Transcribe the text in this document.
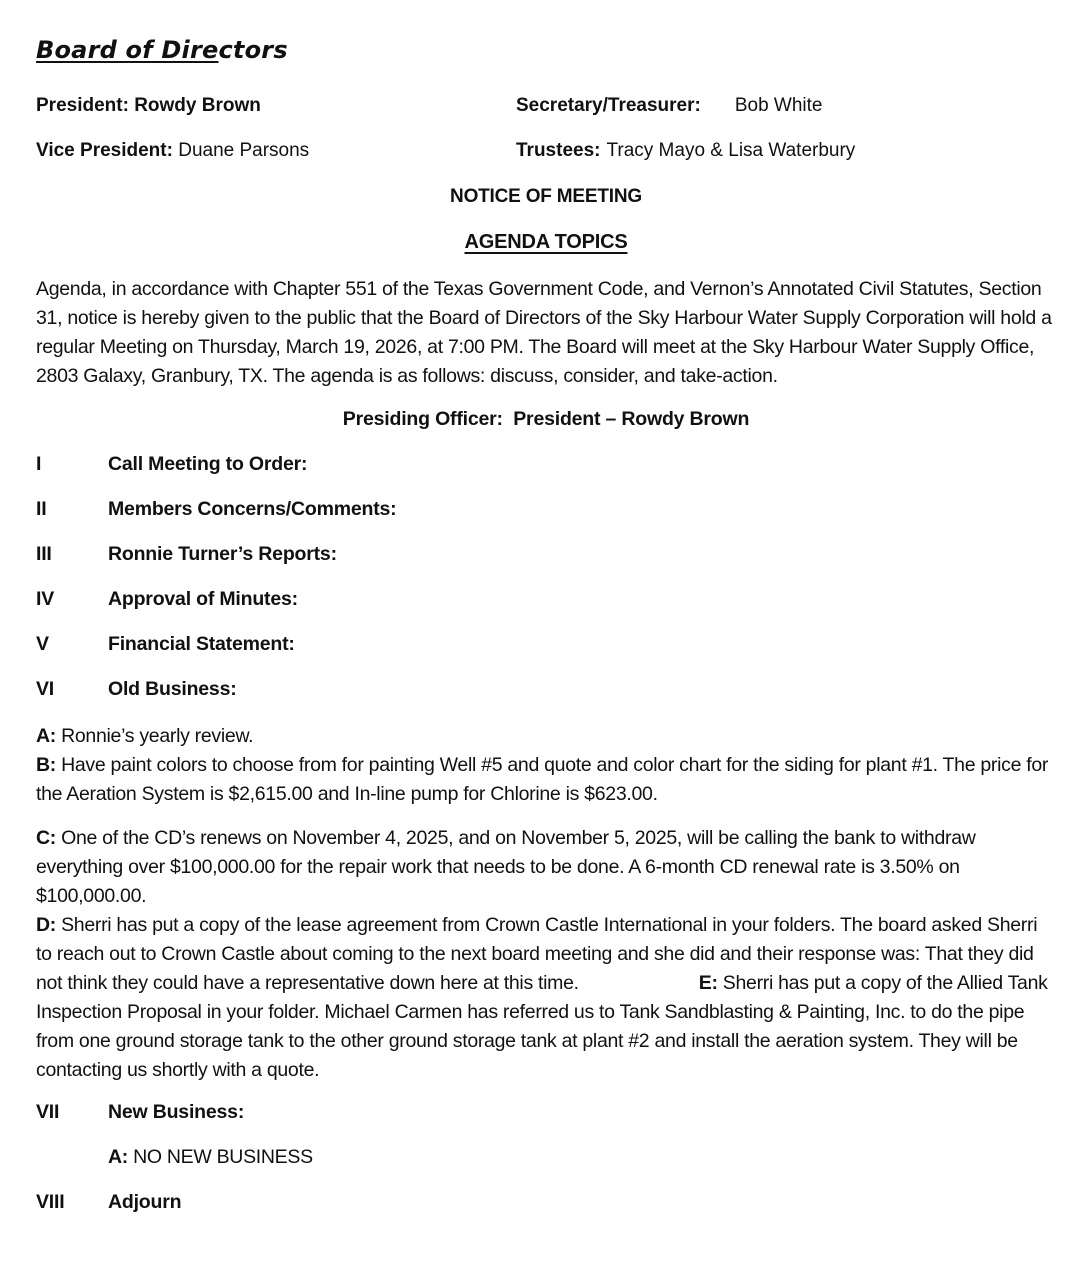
Board of Directors
President: Rowdy Brown	Secretary/Treasurer: Bob White
Vice President: Duane Parsons	Trustees: Tracy Mayo & Lisa Waterbury
NOTICE OF MEETING
AGENDA TOPICS

Agenda, in accordance with Chapter 551 of the Texas Government Code, and Vernon’s Annotated Civil Statutes, Section 31, notice is hereby given to the public that the Board of Directors of the Sky Harbour Water Supply Corporation will hold a regular Meeting on Thursday, March 19, 2026, at 7:00 PM. The Board will meet at the Sky Harbour Water Supply Office, 2803 Galaxy, Granbury, TX. The agenda is as follows: discuss, consider, and take-action.

Presiding Officer:  President – Rowdy Brown
I	Call Meeting to Order:
II	Members Concerns/Comments:
III	Ronnie Turner’s Reports:
IV	Approval of Minutes:
V	Financial Statement:
VI	Old Business:

A: Ronnie’s yearly review.

B: Have paint colors to choose from for painting Well #5 and quote and color chart for the siding for plant #1. The price for the Aeration System is $2,615.00 and In-line pump for Chlorine is $623.00.

C: One of the CD’s renews on November 4, 2025, and on November 5, 2025, will be calling the bank to withdraw everything over $100,000.00 for the repair work that needs to be done. A 6-month CD renewal rate is 3.50% on $100,000.00.

D: Sherri has put a copy of the lease agreement from Crown Castle International in your folders. The board asked Sherri to reach out to Crown Castle about coming to the next board meeting and she did and their response was: That they did not think they could have a representative down here at this time.	E: Sherri has put a copy of the Allied Tank Inspection Proposal in your folder. Michael Carmen has referred us to Tank Sandblasting & Painting, Inc. to do the pipe from one ground storage tank to the other ground storage tank at plant #2 and install the aeration system. They will be contacting us shortly with a quote.

VII	New Business:
A: NO NEW BUSINESS
VIII	Adjourn
